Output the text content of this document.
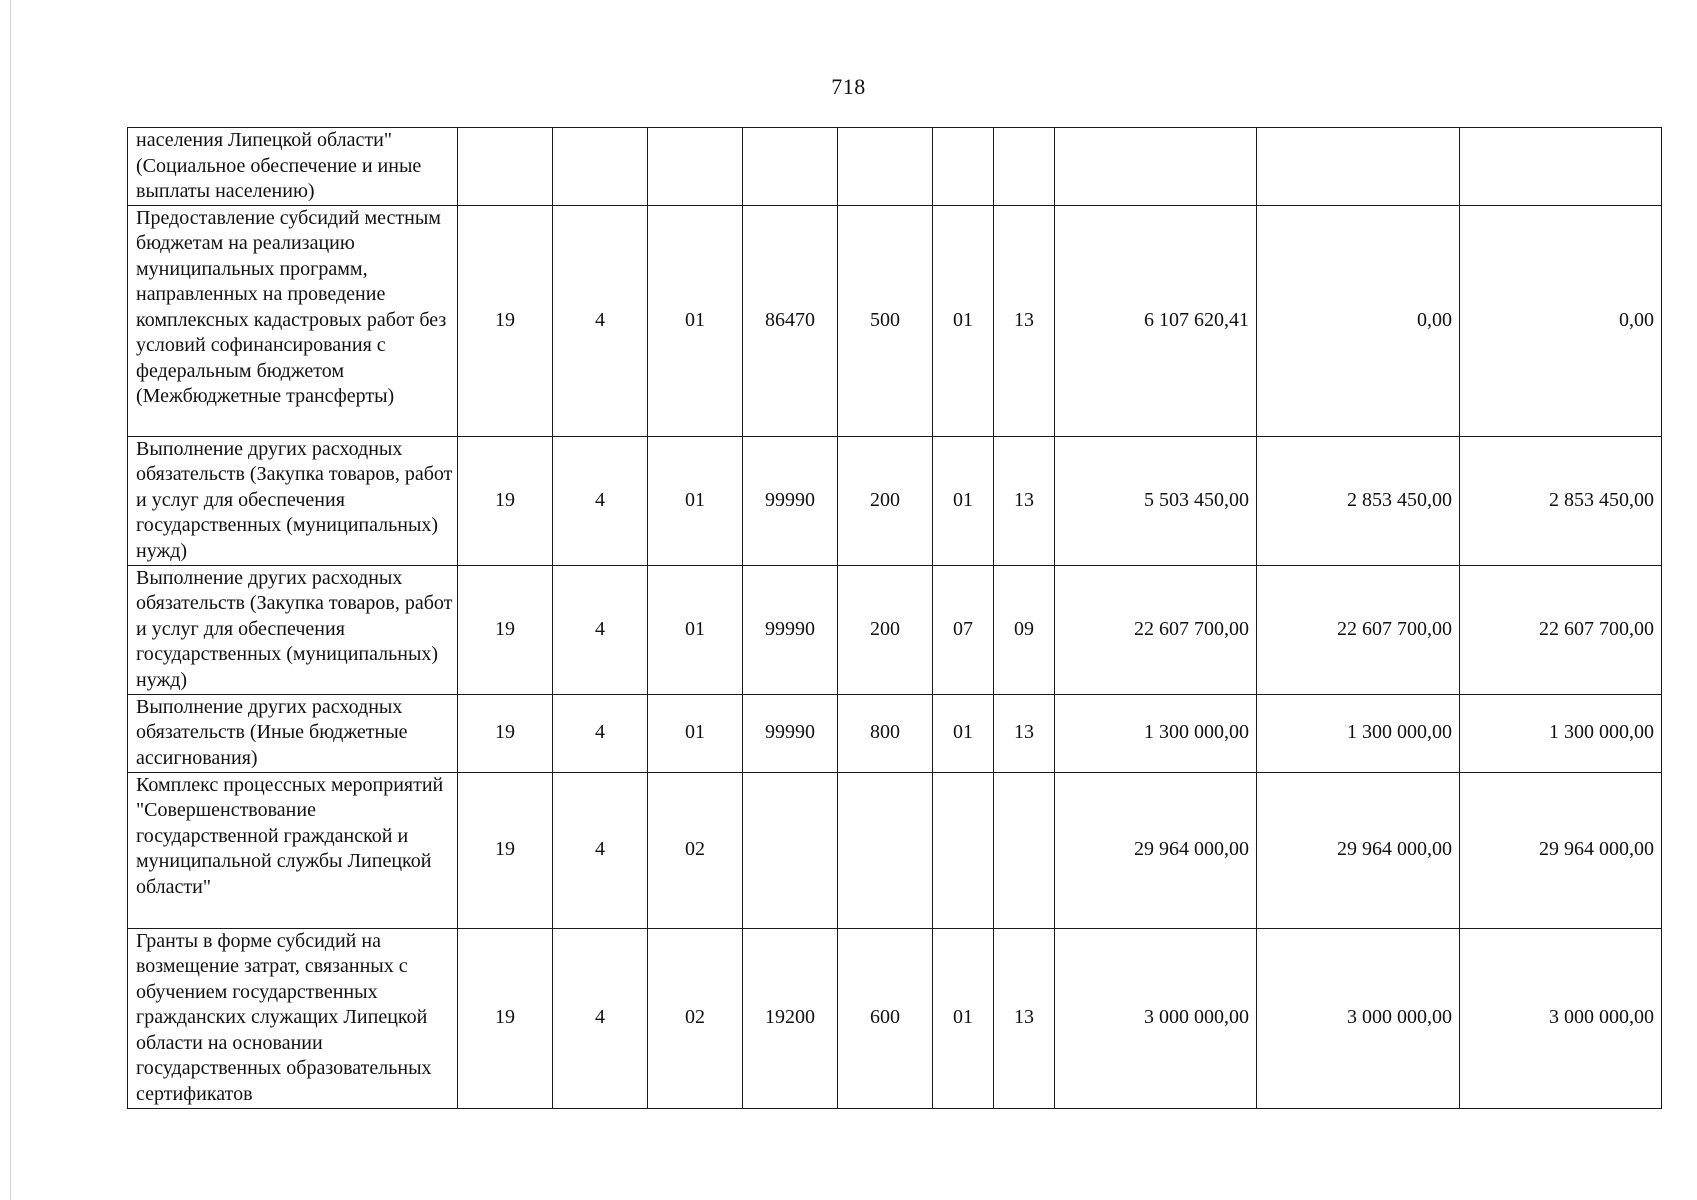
718
населения Липецкой области" (Социальное обеспечение и иные выплаты населению)										
Предоставление субсидий местным бюджетам на реализацию муниципальных программ, направленных на проведение комплексных кадастровых работ без условий софинансирования с федеральным бюджетом (Межбюджетные трансферты)	19	4	01	86470	500	01	13	6 107 620,41	0,00	0,00
Выполнение других расходных обязательств (Закупка товаров, работ и услуг для обеспечения государственных (муниципальных) нужд)	19	4	01	99990	200	01	13	5 503 450,00	2 853 450,00	2 853 450,00
Выполнение других расходных обязательств (Закупка товаров, работ и услуг для обеспечения государственных (муниципальных) нужд)	19	4	01	99990	200	07	09	22 607 700,00	22 607 700,00	22 607 700,00
Выполнение других расходных обязательств (Иные бюджетные ассигнования)	19	4	01	99990	800	01	13	1 300 000,00	1 300 000,00	1 300 000,00
Комплекс процессных мероприятий "Совершенствование государственной гражданской и муниципальной службы Липецкой области"	19	4	02					29 964 000,00	29 964 000,00	29 964 000,00
Гранты в форме субсидий на возмещение затрат, связанных с обучением государственных гражданских служащих Липецкой области на основании государственных образовательных сертификатов	19	4	02	19200	600	01	13	3 000 000,00	3 000 000,00	3 000 000,00
